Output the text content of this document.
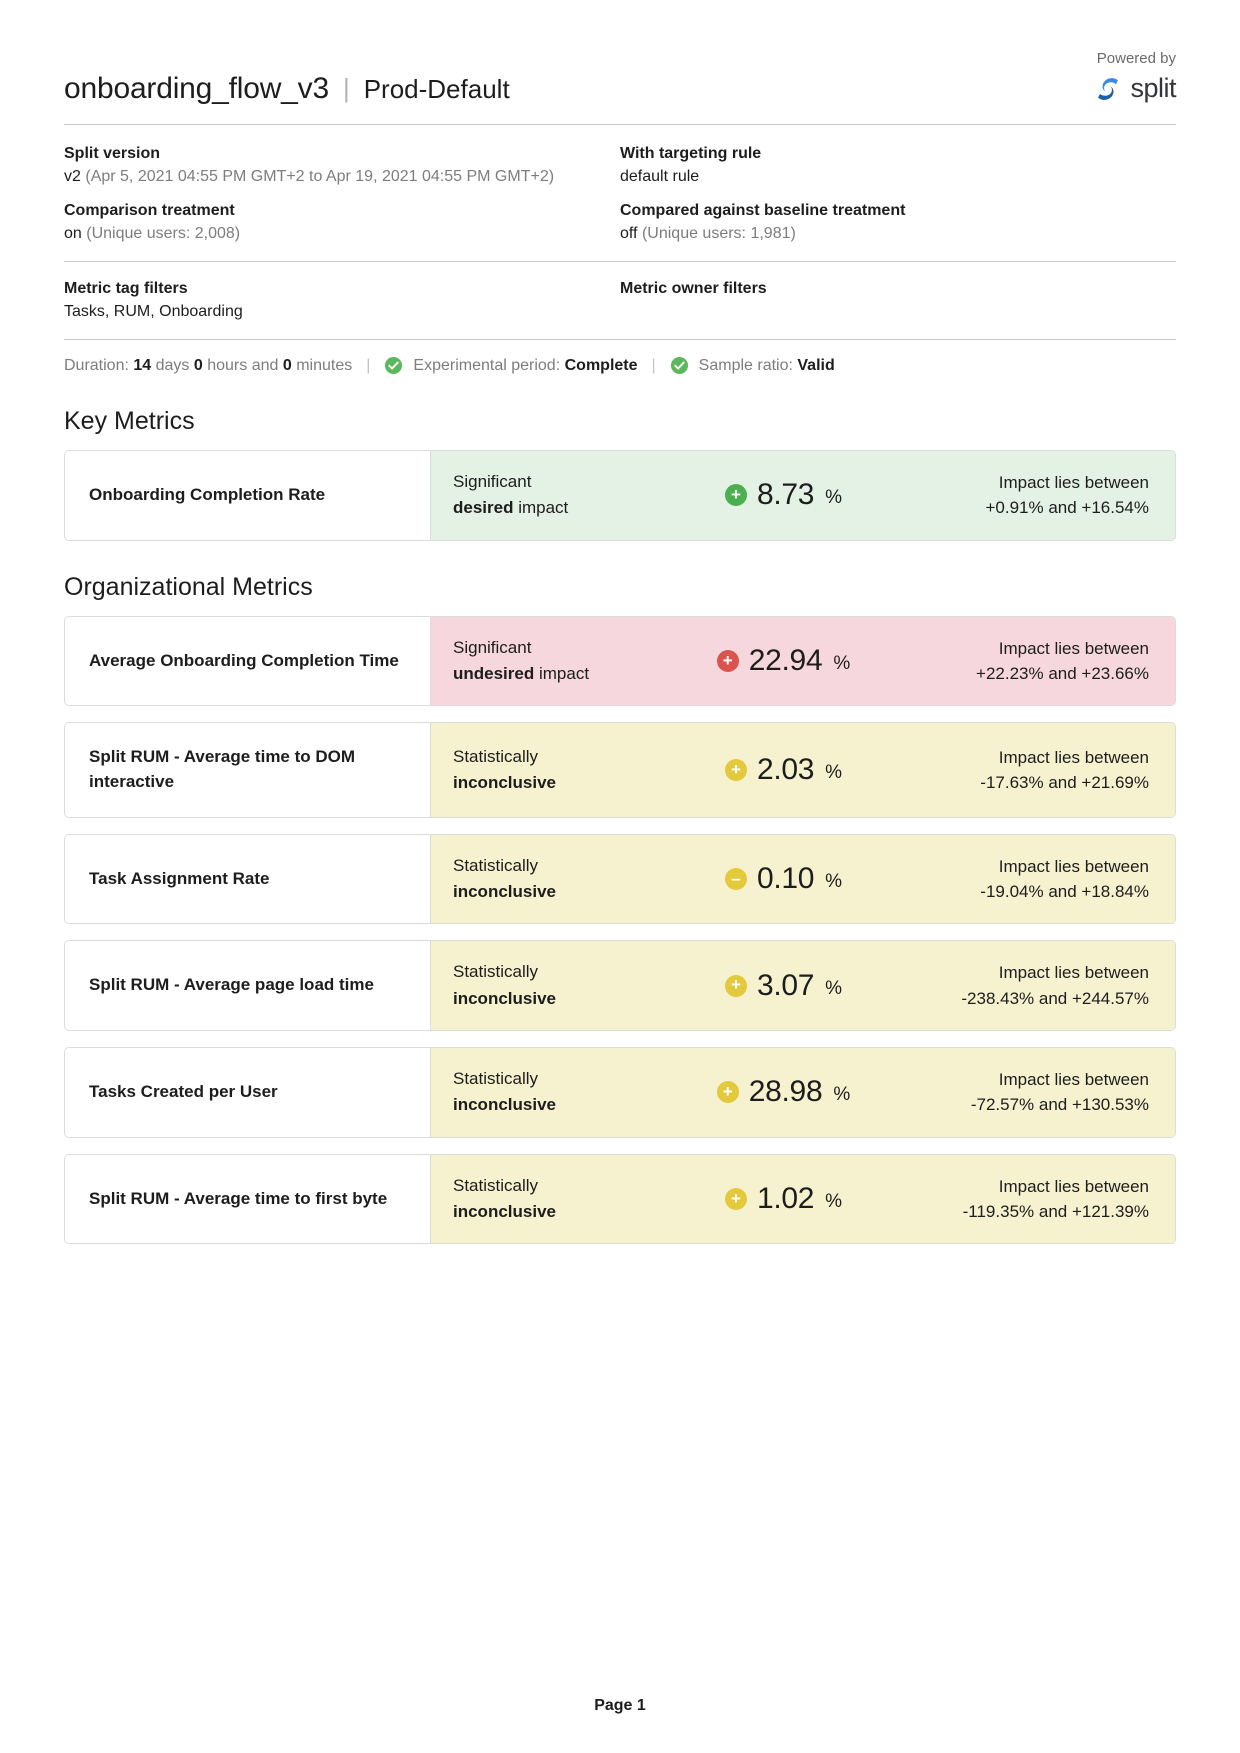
onboarding_flow_v3 | Prod-Default
Powered by
split
Split version
v2 (Apr 5, 2021 04:55 PM GMT+2 to Apr 19, 2021 04:55 PM GMT+2)
With targeting rule
default rule
Comparison treatment
on (Unique users: 2,008)
Compared against baseline treatment
off (Unique users: 1,981)
Metric tag filters
Tasks, RUM, Onboarding
Metric owner filters
Duration: 14 days 0 hours and 0 minutes |	Experimental period: Complete |	Sample ratio: Valid
Key Metrics
Onboarding Completion Rate
Significant
desired impact
+ 8.73 %
Impact lies between
+0.91% and +16.54%
Organizational Metrics
Average Onboarding Completion Time
Significant
undesired impact
+ 22.94 %
Impact lies between
+22.23% and +23.66%
Split RUM - Average time to DOM interactive
Statistically
inconclusive
+ 2.03 %
Impact lies between
-17.63% and +21.69%
Task Assignment Rate
Statistically
inconclusive
– 0.10 %
Impact lies between
-19.04% and +18.84%
Split RUM - Average page load time
Statistically
inconclusive
+ 3.07 %
Impact lies between
-238.43% and +244.57%
Tasks Created per User
Statistically
inconclusive
+ 28.98 %
Impact lies between
-72.57% and +130.53%
Split RUM - Average time to first byte
Statistically
inconclusive
+ 1.02 %
Impact lies between
-119.35% and +121.39%
Page 1
